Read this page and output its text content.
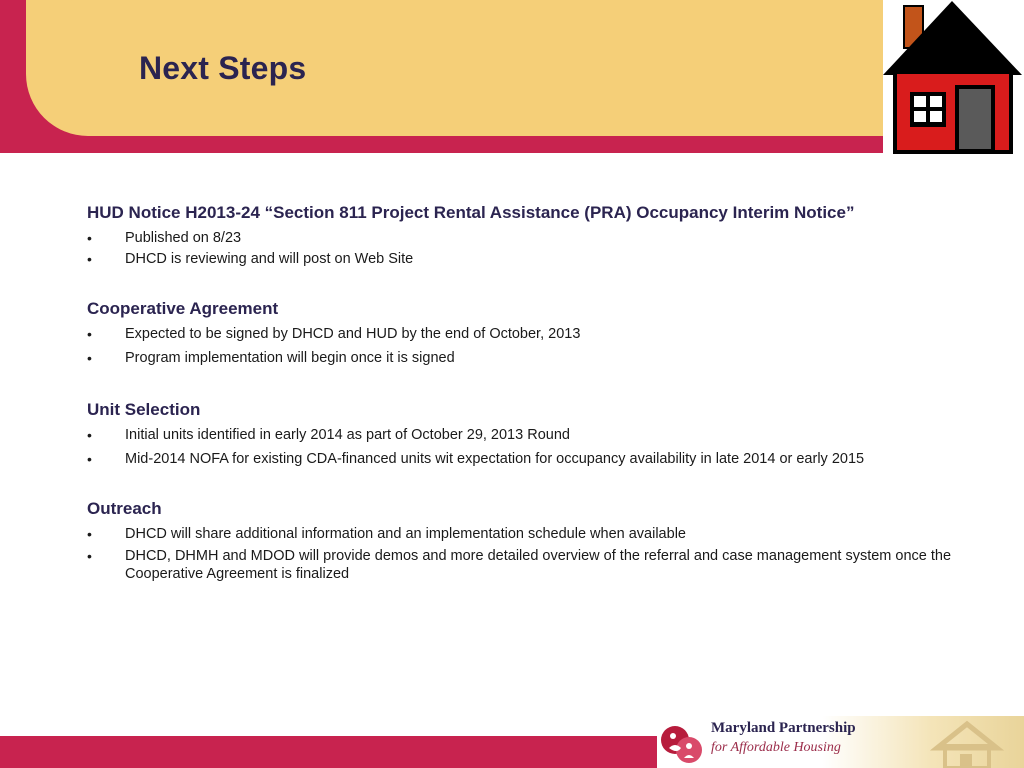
Next Steps
HUD Notice H2013-24 “Section 811 Project Rental Assistance (PRA) Occupancy Interim Notice”
•	Published on 8/23
•	DHCD is reviewing and will post on Web Site
Cooperative Agreement
•	Expected to be signed by DHCD and HUD by the end of October, 2013
•	Program implementation will begin once it is signed
Unit Selection
•	Initial units identified in early 2014 as part of October 29, 2013 Round
•	Mid-2014 NOFA for existing CDA-financed units wit expectation for occupancy availability in late 2014 or early 2015
Outreach
•	DHCD will share additional information and an implementation schedule when available
•	DHCD, DHMH and MDOD will provide demos and more detailed overview of the referral and case management system once the Cooperative Agreement is finalized
Maryland Partnership
for Affordable Housing
